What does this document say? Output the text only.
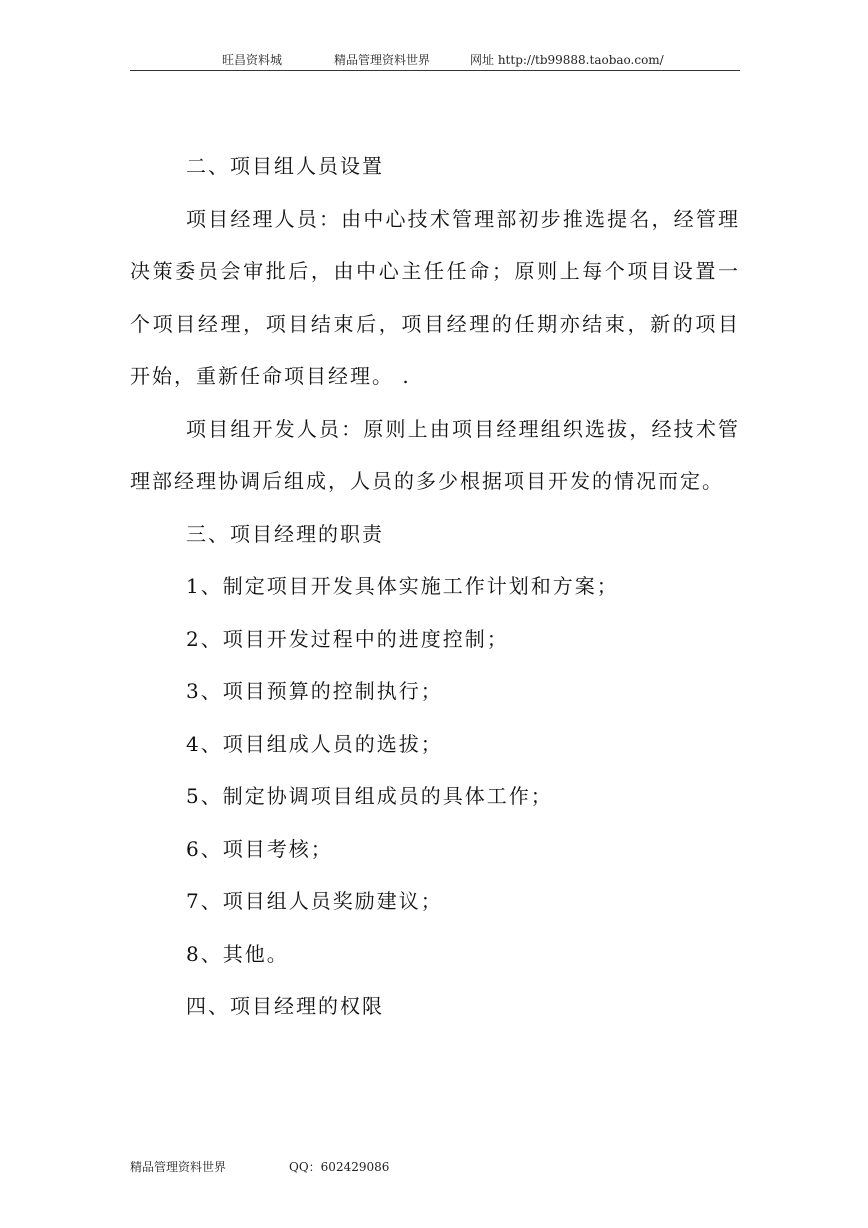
旺昌资料城	精品管理资料世界	网址 http://tb99888.taobao.com/

二、项目组人员设置

项目经理人员：由中心技术管理部初步推选提名，经管理决策委员会审批后，由中心主任任命；原则上每个项目设置一个项目经理，项目结束后，项目经理的任期亦结束，新的项目开始，重新任命项目经理。 .

项目组开发人员：原则上由项目经理组织选拔，经技术管理部经理协调后组成，人员的多少根据项目开发的情况而定。

三、项目经理的职责

1、制定项目开发具体实施工作计划和方案；

2、项目开发过程中的进度控制；

3、项目预算的控制执行；

4、项目组成人员的选拔；

5、制定协调项目组成员的具体工作；

6、项目考核；

7、项目组人员奖励建议；

8、其他。

四、项目经理的权限

精品管理资料世界	QQ：602429086
